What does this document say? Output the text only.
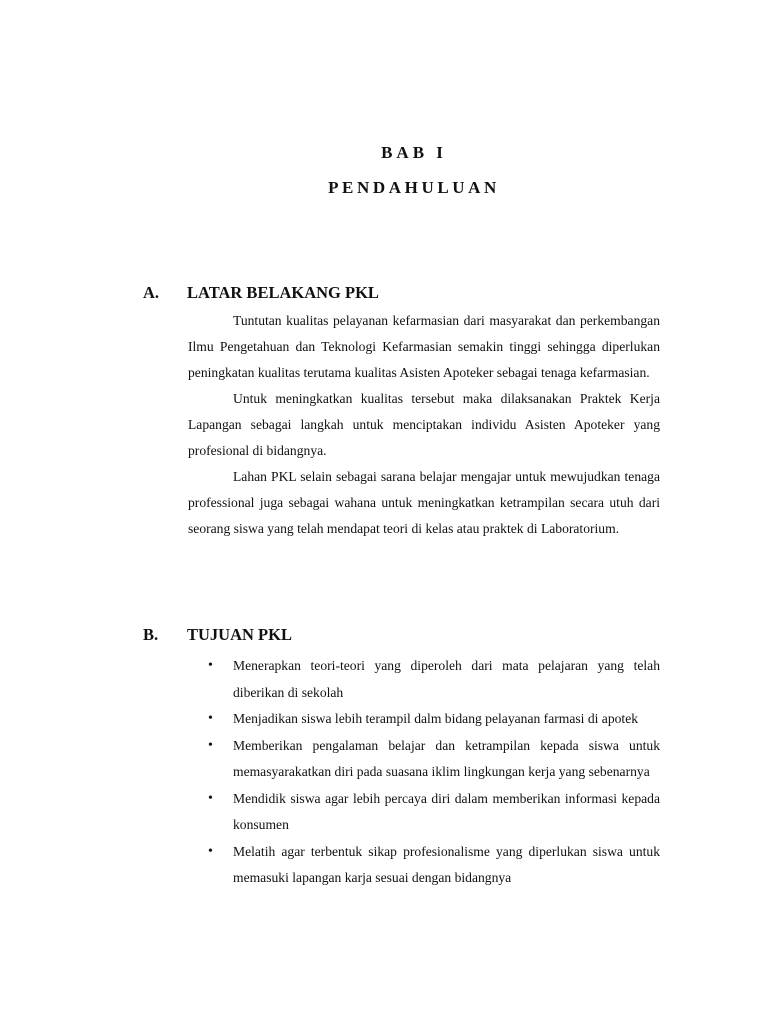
BAB I
PENDAHULUAN
A. LATAR BELAKANG PKL

Tuntutan kualitas pelayanan kefarmasian dari masyarakat dan perkembangan Ilmu Pengetahuan dan Teknologi Kefarmasian semakin tinggi sehingga diperlukan peningkatan kualitas terutama kualitas Asisten Apoteker sebagai tenaga kefarmasian.

Untuk meningkatkan kualitas tersebut maka dilaksanakan Praktek Kerja Lapangan sebagai langkah untuk menciptakan individu Asisten Apoteker yang profesional di bidangnya.

Lahan PKL selain sebagai sarana belajar mengajar untuk mewujudkan tenaga professional juga sebagai wahana untuk meningkatkan ketrampilan secara utuh dari seorang siswa yang telah mendapat teori di kelas atau praktek di Laboratorium.

B. TUJUAN PKL
• Menerapkan teori-teori yang diperoleh dari mata pelajaran yang telah diberikan di sekolah
• Menjadikan siswa lebih terampil dalm bidang pelayanan farmasi di apotek
• Memberikan pengalaman belajar dan ketrampilan kepada siswa untuk memasyarakatkan diri pada suasana iklim lingkungan kerja yang sebenarnya
• Mendidik siswa agar lebih percaya diri dalam memberikan informasi kepada konsumen
• Melatih agar terbentuk sikap profesionalisme yang diperlukan siswa untuk memasuki lapangan karja sesuai dengan bidangnya
